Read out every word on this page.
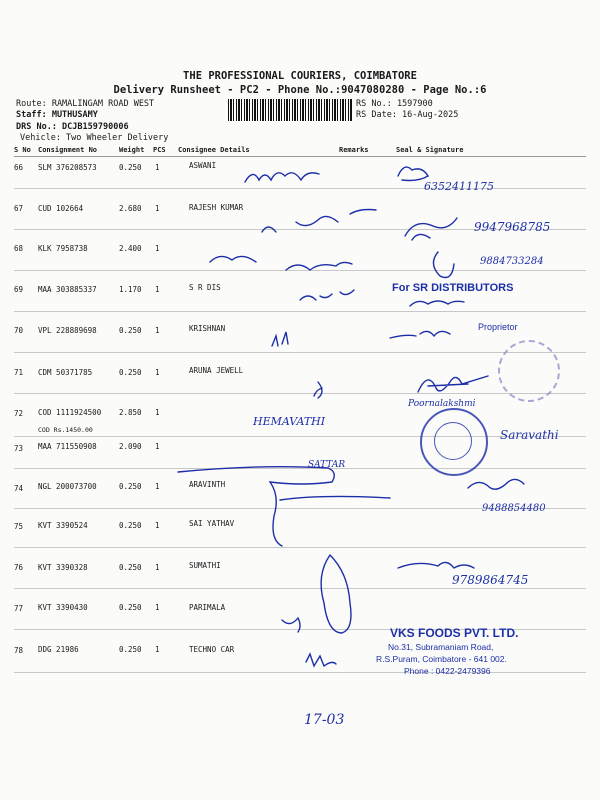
THE PROFESSIONAL COURIERS, COIMBATORE
Delivery Runsheet - PC2 - Phone No.:9047080280 - Page No.:6
Route: RAMALINGAM ROAD WEST
Staff: MUTHUSAMY
DRS No.: DCJB159790006
Vehicle: Two Wheeler Delivery
RS No.: 1597900
RS Date: 16-Aug-2025
S No Consignment No	Weight PCS Consignee Details	Remarks	Seal & Signature
66 SLM 376208573	0.250 1	ASWANI
67 CUD 102664	2.680 1	RAJESH KUMAR
68 KLK 7958738	2.400 1
69 MAA 303885337	1.170 1	S R DIS
70 VPL 228889698	0.250 1	KRISHNAN
71 CDM 50371785	0.250 1	ARUNA JEWELL
72 COD 1111924500 2.850 1
COD Rs.1450.00
73 MAA 711550908	2.090 1
74 NGL 200073700	0.250 1	ARAVINTH
75 KVT 3390524	0.250 1	SAI YATHAV
76 KVT 3390328	0.250 1	SUMATHI
77 KVT 3390430	0.250 1	PARIMALA
78 DDG 21986	0.250 1	TECHNO CAR
6352411175
9947968785
9884733284
HEMAVATHI
Poornalakshmi
Saravathi
SATTAR
9488854480
9789864745
17-03
For SR DISTRIBUTORS
Proprietor
VKS FOODS PVT. LTD.
No.31, Subramaniam Road,
R.S.Puram, Coimbatore - 641 002.
Phone : 0422-2479396
